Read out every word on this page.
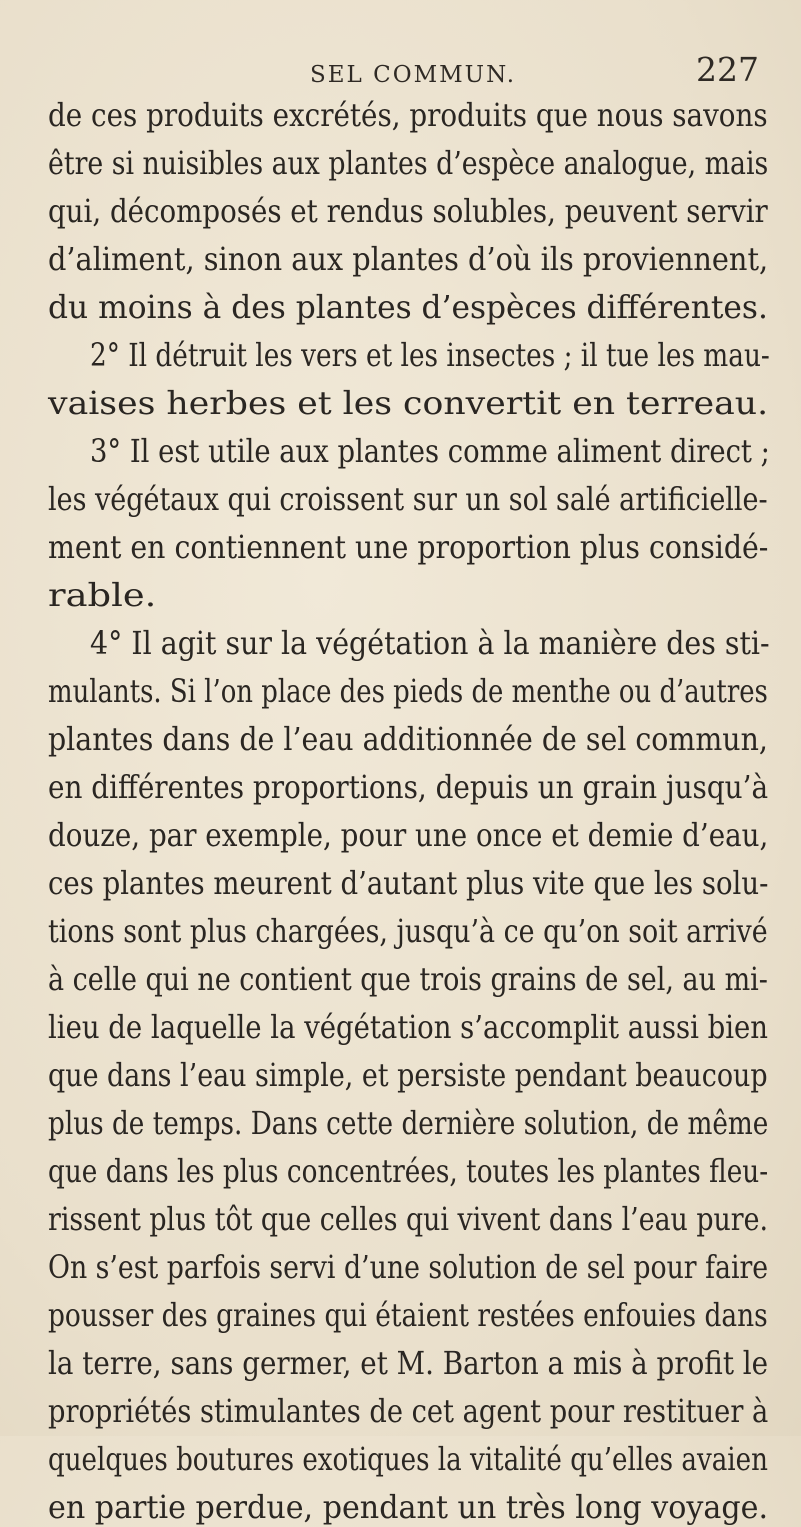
SEL COMMUN.	227
de ces produits excrétés, produits que nous savons
être si nuisibles aux plantes d’espèce analogue, mais
qui, décomposés et rendus solubles, peuvent servir
d’aliment, sinon aux plantes d’où ils proviennent,
du moins à des plantes d’espèces différentes.
2° Il détruit les vers et les insectes ; il tue les mau-
vaises herbes et les convertit en terreau.
3° Il est utile aux plantes comme aliment direct ;
les végétaux qui croissent sur un sol salé artificielle-
ment en contiennent une proportion plus considé-
rable.
4° Il agit sur la végétation à la manière des sti-
mulants. Si l’on place des pieds de menthe ou d’autres
plantes dans de l’eau additionnée de sel commun,
en différentes proportions, depuis un grain jusqu’à
douze, par exemple, pour une once et demie d’eau,
ces plantes meurent d’autant plus vite que les solu-
tions sont plus chargées, jusqu’à ce qu’on soit arrivé
à celle qui ne contient que trois grains de sel, au mi-
lieu de laquelle la végétation s’accomplit aussi bien
que dans l’eau simple, et persiste pendant beaucoup
plus de temps. Dans cette dernière solution, de même
que dans les plus concentrées, toutes les plantes fleu-
rissent plus tôt que celles qui vivent dans l’eau pure.
On s’est parfois servi d’une solution de sel pour faire
pousser des graines qui étaient restées enfouies dans
la terre, sans germer, et M. Barton a mis à profit le
propriétés stimulantes de cet agent pour restituer à
quelques boutures exotiques la vitalité qu’elles avaien
en partie perdue, pendant un très long voyage.
